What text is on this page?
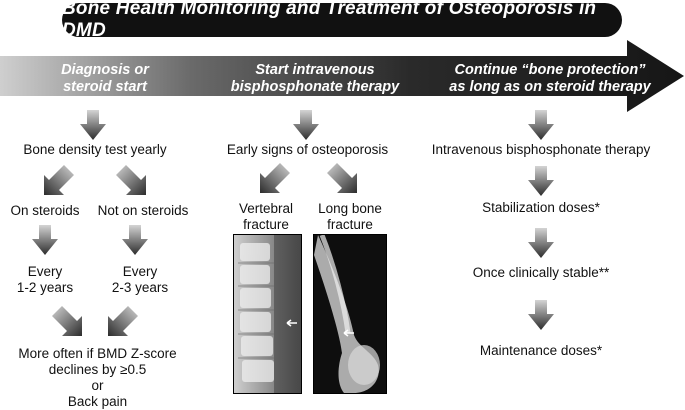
Bone Health Monitoring and Treatment of Osteoporosis in DMD
Diagnosis or
steroid start
Start intravenous
bisphosphonate therapy
Continue “bone protection”
as long as on steroid therapy
Bone density test yearly
On steroids	Not on steroids
Every
1-2 years
Every
2-3 years
More often if BMD Z-score
declines by ≥0.5
or
Back pain
Early signs of osteoporosis
Vertebral
fracture
Long bone
fracture
Intravenous bisphosphonate therapy
Stabilization doses*
Once clinically stable**
Maintenance doses*
